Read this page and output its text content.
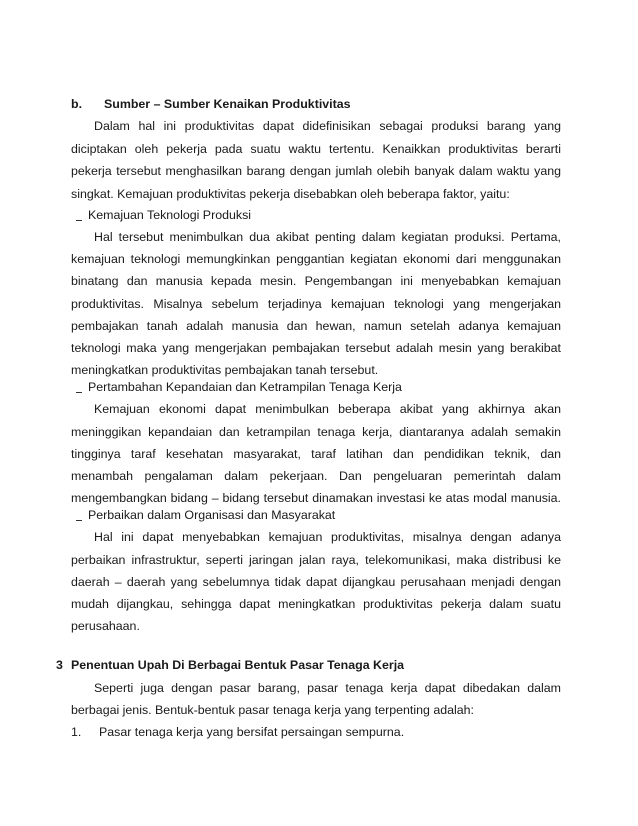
b. Sumber – Sumber Kenaikan Produktivitas
Dalam hal ini produktivitas dapat didefinisikan sebagai produksi barang yang
diciptakan oleh pekerja pada suatu waktu tertentu. Kenaikkan produktivitas berarti
pekerja tersebut menghasilkan barang dengan jumlah olebih banyak dalam waktu yang
singkat. Kemajuan produktivitas pekerja disebabkan oleh beberapa faktor, yaitu:
Kemajuan Teknologi Produksi
Hal tersebut menimbulkan dua akibat penting dalam kegiatan produksi. Pertama,
kemajuan teknologi memungkinkan penggantian kegiatan ekonomi dari menggunakan
binatang dan manusia kepada mesin. Pengembangan ini menyebabkan kemajuan
produktivitas. Misalnya sebelum terjadinya kemajuan teknologi yang mengerjakan
pembajakan tanah adalah manusia dan hewan, namun setelah adanya kemajuan
teknologi maka yang mengerjakan pembajakan tersebut adalah mesin yang berakibat
meningkatkan produktivitas pembajakan tanah tersebut.
Pertambahan Kepandaian dan Ketrampilan Tenaga Kerja
Kemajuan ekonomi dapat menimbulkan beberapa akibat yang akhirnya akan
meninggikan kepandaian dan ketrampilan tenaga kerja, diantaranya adalah semakin
tingginya taraf kesehatan masyarakat, taraf latihan dan pendidikan teknik, dan
menambah pengalaman dalam pekerjaan. Dan pengeluaran pemerintah dalam
mengembangkan bidang – bidang tersebut dinamakan investasi ke atas modal manusia.
Perbaikan dalam Organisasi dan Masyarakat
Hal ini dapat menyebabkan kemajuan produktivitas, misalnya dengan adanya
perbaikan infrastruktur, seperti jaringan jalan raya, telekomunikasi, maka distribusi ke
daerah – daerah yang sebelumnya tidak dapat dijangkau perusahaan menjadi dengan
mudah dijangkau, sehingga dapat meningkatkan produktivitas pekerja dalam suatu
perusahaan.
3 Penentuan Upah Di Berbagai Bentuk Pasar Tenaga Kerja
Seperti juga dengan pasar barang, pasar tenaga kerja dapat dibedakan dalam
berbagai jenis. Bentuk-bentuk pasar tenaga kerja yang terpenting adalah:
1. Pasar tenaga kerja yang bersifat persaingan sempurna.
